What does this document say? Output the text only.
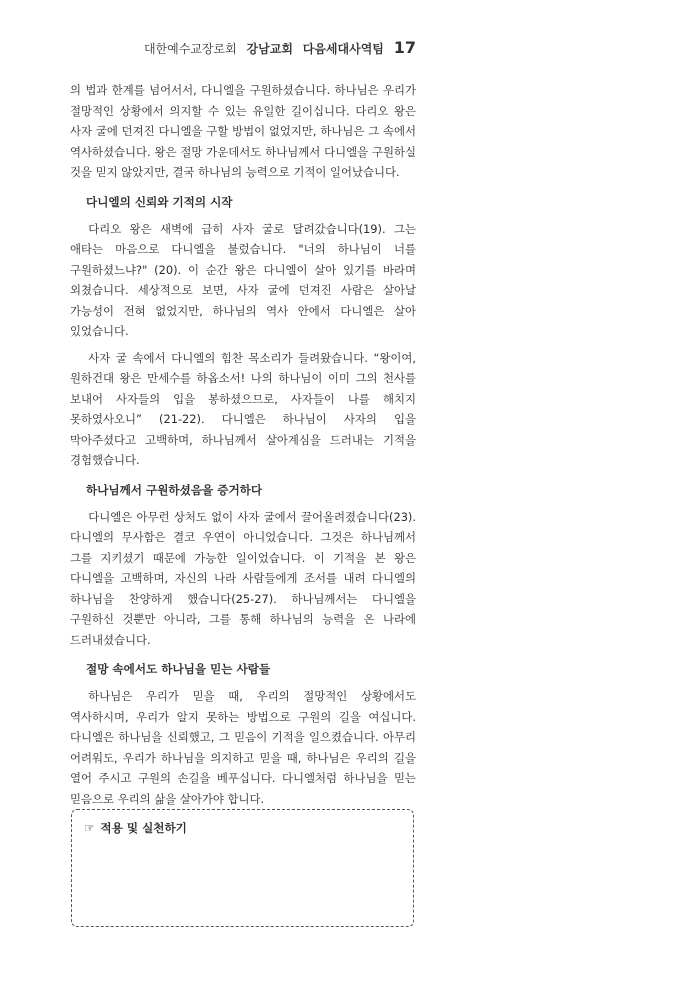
대한예수교장로회 강남교회 다음세대사역팀 17

의 법과 한계를 넘어서서, 다니엘을 구원하셨습니다. 하나님은 우리가 절망적인 상황에서 의지할 수 있는 유일한 길이십니다. 다리오 왕은 사자 굴에 던져진 다니엘을 구할 방법이 없었지만, 하나님은 그 속에서 역사하셨습니다. 왕은 절망 가운데서도 하나님께서 다니엘을 구원하실 것을 믿지 않았지만, 결국 하나님의 능력으로 기적이 일어났습니다.

다니엘의 신뢰와 기적의 시작

다리오 왕은 새벽에 급히 사자 굴로 달려갔습니다(19). 그는 애타는 마음으로 다니엘을 불렀습니다. "너의 하나님이 너를 구원하셨느냐?" (20). 이 순간 왕은 다니엘이 살아 있기를 바라며 외쳤습니다. 세상적으로 보면, 사자 굴에 던져진 사람은 살아날 가능성이 전혀 없었지만, 하나님의 역사 안에서 다니엘은 살아 있었습니다.

사자 굴 속에서 다니엘의 힘찬 목소리가 들려왔습니다. “왕이여, 원하건대 왕은 만세수를 하옵소서! 나의 하나님이 이미 그의 천사를 보내어 사자들의 입을 봉하셨으므로, 사자들이 나를 해치지 못하였사오니” (21-22). 다니엘은 하나님이 사자의 입을 막아주셨다고 고백하며, 하나님께서 살아계심을 드러내는 기적을 경험했습니다.

하나님께서 구원하셨음을 증거하다

다니엘은 아무런 상처도 없이 사자 굴에서 끌어올려졌습니다(23). 다니엘의 무사함은 결코 우연이 아니었습니다. 그것은 하나님께서 그를 지키셨기 때문에 가능한 일이었습니다. 이 기적을 본 왕은 다니엘을 고백하며, 자신의 나라 사람들에게 조서를 내려 다니엘의 하나님을 찬양하게 했습니다(25-27). 하나님께서는 다니엘을 구원하신 것뿐만 아니라, 그를 통해 하나님의 능력을 온 나라에 드러내셨습니다.

절망 속에서도 하나님을 믿는 사람들

하나님은 우리가 믿을 때, 우리의 절망적인 상황에서도 역사하시며, 우리가 알지 못하는 방법으로 구원의 길을 여십니다. 다니엘은 하나님을 신뢰했고, 그 믿음이 기적을 일으켰습니다. 아무리 어려워도, 우리가 하나님을 의지하고 믿을 때, 하나님은 우리의 길을 열어 주시고 구원의 손길을 베푸십니다. 다니엘처럼 하나님을 믿는 믿음으로 우리의 삶을 살아가야 합니다.

☞ 적용 및 실천하기
